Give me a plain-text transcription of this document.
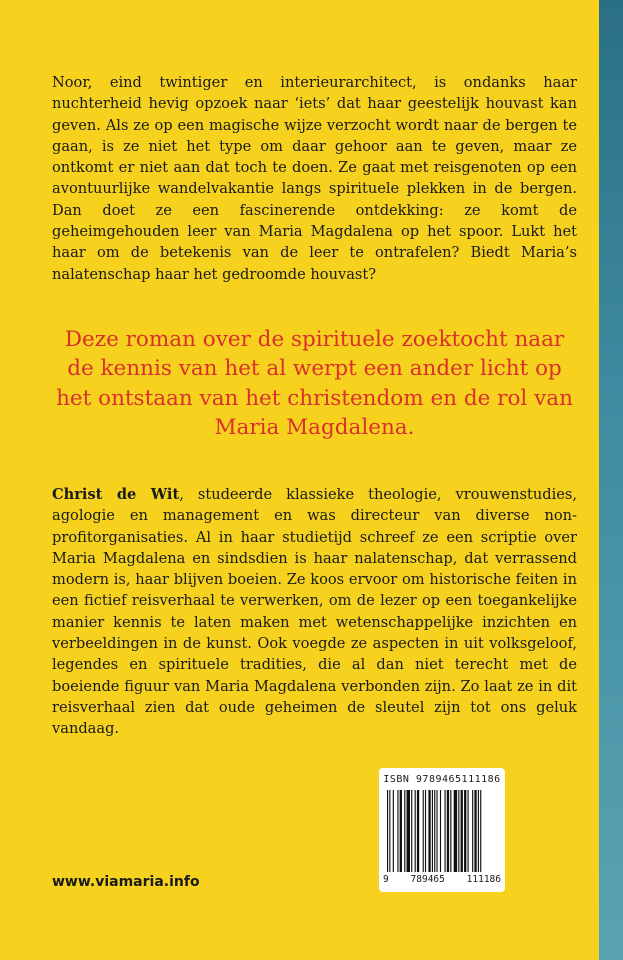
Noor, eind twintiger en interieurarchitect, is ondanks haar nuchterheid hevig opzoek naar ‘iets’ dat haar geestelijk houvast kan geven. Als ze op een magische wijze verzocht wordt naar de bergen te gaan, is ze niet het type om daar gehoor aan te geven, maar ze ontkomt er niet aan dat toch te doen. Ze gaat met reisgenoten op een avontuurlijke wandelvakantie langs spirituele plekken in de bergen. Dan doet ze een fascinerende ontdekking: ze komt de geheimgehouden leer van Maria Magdalena op het spoor. Lukt het haar om de betekenis van de leer te ontrafelen? Biedt Maria’s nalatenschap haar het gedroomde houvast?

Deze roman over de spirituele zoektocht naar de kennis van het al werpt een ander licht op het ontstaan van het christendom en de rol van Maria Magdalena.

Christ de Wit, studeerde klassieke theologie, vrouwenstudies, agologie en management en was directeur van diverse non-profitorganisaties. Al in haar studietijd schreef ze een scriptie over Maria Magdalena en sindsdien is haar nalatenschap, dat verrassend modern is, haar blijven boeien. Ze koos ervoor om historische feiten in een fictief reisverhaal te verwerken, om de lezer op een toegankelijke manier kennis te laten maken met wetenschappelijke inzichten en verbeeldingen in de kunst. Ook voegde ze aspecten in uit volksgeloof, legendes en spirituele tradities, die al dan niet terecht met de boeiende figuur van Maria Magdalena verbonden zijn. Zo laat ze in dit reisverhaal zien dat oude geheimen de sleutel zijn tot ons geluk vandaag.

www.viamaria.info
ISBN 9789465111186
9 789465 111186
